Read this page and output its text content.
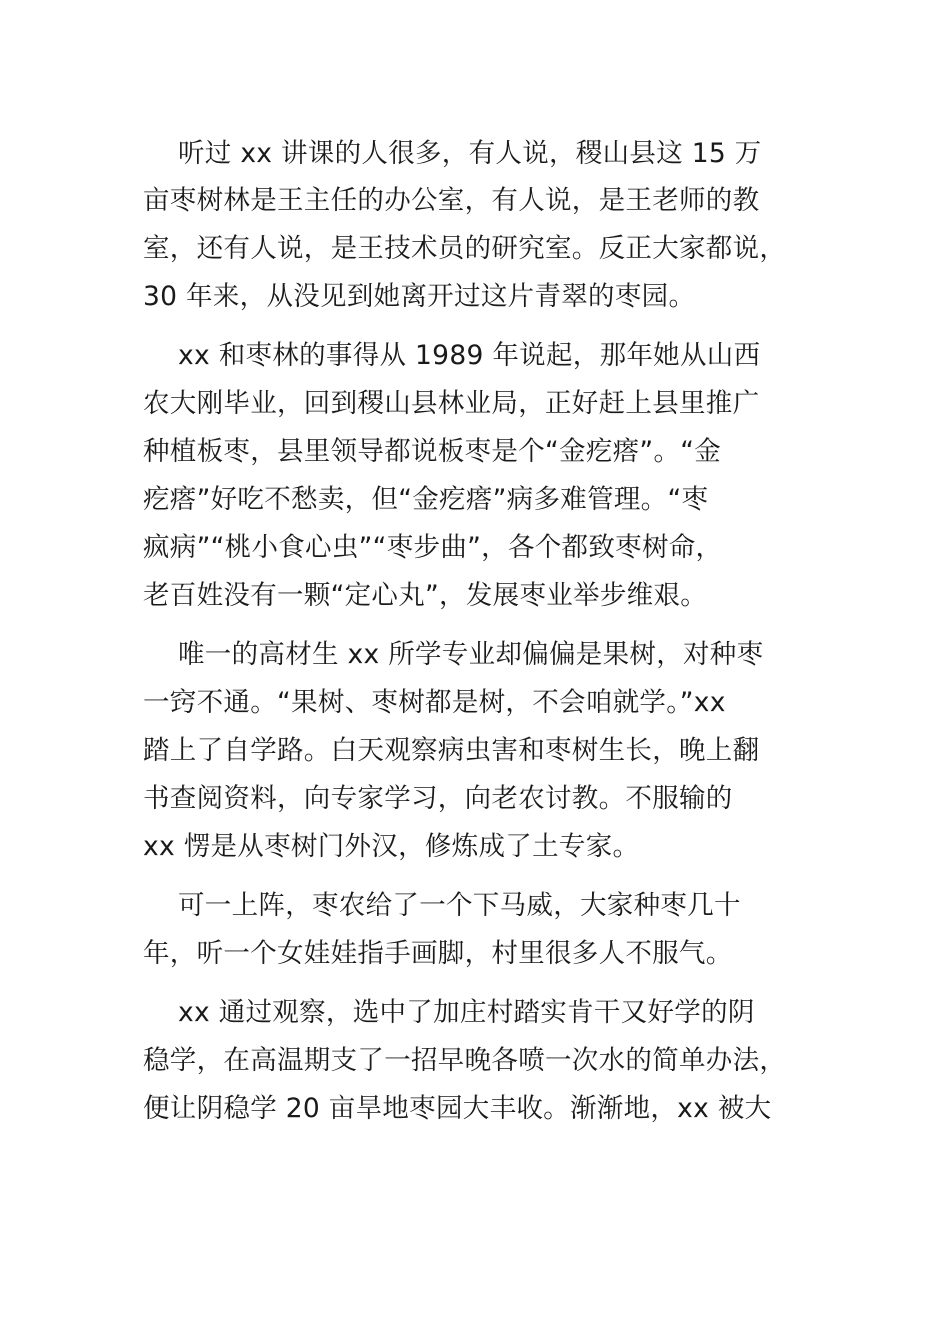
听过 xx 讲课的人很多，有人说，稷山县这 15 万
亩枣树林是王主任的办公室，有人说，是王老师的教
室，还有人说，是王技术员的研究室。反正大家都说，
30 年来，从没见到她离开过这片青翠的枣园。
xx 和枣林的事得从 1989 年说起，那年她从山西
农大刚毕业，回到稷山县林业局，正好赶上县里推广
种植板枣，县里领导都说板枣是个“金疙瘩”。“金
疙瘩”好吃不愁卖，但“金疙瘩”病多难管理。“枣
疯病”“桃小食心虫”“枣步曲”，各个都致枣树命，
老百姓没有一颗“定心丸”，发展枣业举步维艰。
唯一的高材生 xx 所学专业却偏偏是果树，对种枣
一窍不通。“果树、枣树都是树，不会咱就学。”xx
踏上了自学路。白天观察病虫害和枣树生长，晚上翻
书查阅资料，向专家学习，向老农讨教。不服输的
xx 愣是从枣树门外汉，修炼成了土专家。
可一上阵，枣农给了一个下马威，大家种枣几十
年，听一个女娃娃指手画脚，村里很多人不服气。
xx 通过观察，选中了加庄村踏实肯干又好学的阴
稳学，在高温期支了一招早晚各喷一次水的简单办法，
便让阴稳学 20 亩旱地枣园大丰收。渐渐地，xx 被大
